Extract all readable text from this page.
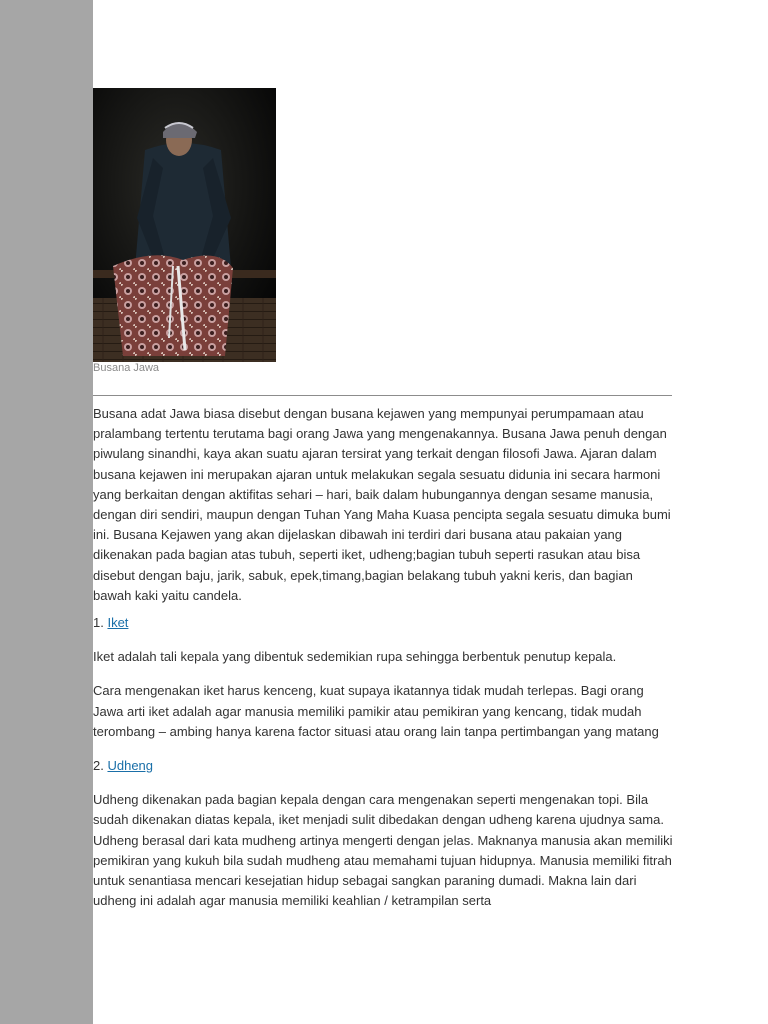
Busana Jawa

Busana adat Jawa biasa disebut dengan busana kejawen yang mempunyai perumpamaan atau pralambang tertentu terutama bagi orang Jawa yang mengenakannya. Busana Jawa penuh dengan piwulang sinandhi, kaya akan suatu ajaran tersirat yang terkait dengan filosofi Jawa. Ajaran dalam busana kejawen ini merupakan ajaran untuk melakukan segala sesuatu didunia ini secara harmoni yang berkaitan dengan aktifitas sehari – hari, baik dalam hubungannya dengan sesame manusia, dengan diri sendiri, maupun dengan Tuhan Yang Maha Kuasa pencipta segala sesuatu dimuka bumi ini. Busana Kejawen yang akan dijelaskan dibawah ini terdiri dari busana atau pakaian yang dikenakan pada bagian atas tubuh, seperti iket, udheng;bagian tubuh seperti rasukan atau bisa disebut dengan baju, jarik, sabuk, epek,timang,bagian belakang tubuh yakni keris, dan bagian bawah kaki yaitu candela.

1. Iket

Iket adalah tali kepala yang dibentuk sedemikian rupa sehingga berbentuk penutup kepala.

Cara mengenakan iket harus kenceng, kuat supaya ikatannya tidak mudah terlepas. Bagi orang Jawa arti iket adalah agar manusia memiliki pamikir atau pemikiran yang kencang, tidak mudah terombang – ambing hanya karena factor situasi atau orang lain tanpa pertimbangan yang matang

2. Udheng

Udheng dikenakan pada bagian kepala dengan cara mengenakan seperti mengenakan topi. Bila sudah dikenakan diatas kepala, iket menjadi sulit dibedakan dengan udheng karena ujudnya sama. Udheng berasal dari kata mudheng artinya mengerti dengan jelas. Maknanya manusia akan memiliki pemikiran yang kukuh bila sudah mudheng atau memahami tujuan hidupnya. Manusia memiliki fitrah untuk senantiasa mencari kesejatian hidup sebagai sangkan paraning dumadi. Makna lain dari udheng ini adalah agar manusia memiliki keahlian / ketrampilan serta
